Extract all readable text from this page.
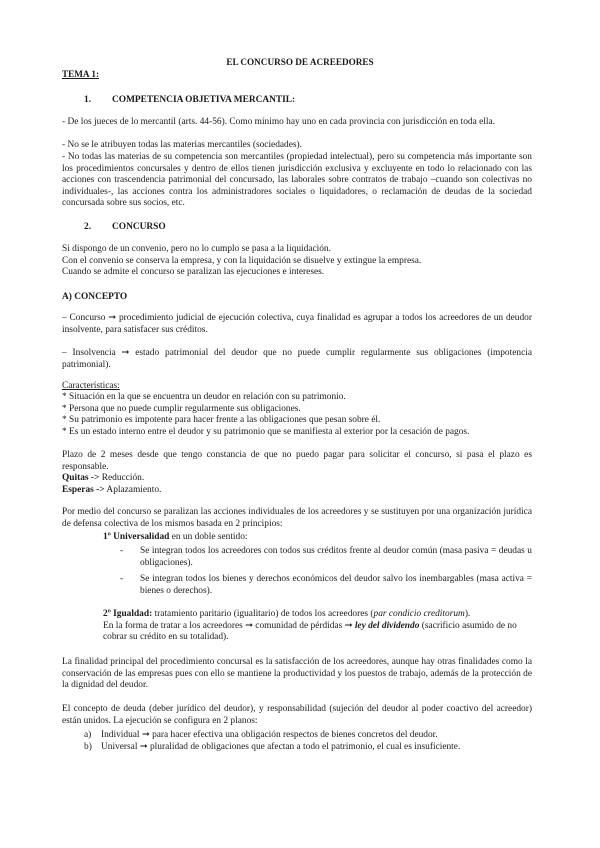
EL CONCURSO DE ACREEDORES
TEMA 1:
1. COMPETENCIA OBJETIVA MERCANTIL:
- De los jueces de lo mercantil (arts. 44-56). Como mínimo hay uno en cada provincia con jurisdicción en toda ella.
- No se le atribuyen todas las materias mercantiles (sociedades).
- No todas las materias de su competencia son mercantiles (propiedad intelectual), pero su competencia más importante son los procedimientos concursales y dentro de ellos tienen jurisdicción exclusiva y excluyente en todo lo relacionado con las acciones con trascendencia patrimonial del concursado, las laborales sobre contratos de trabajo –cuando son colectivas no individuales-, las acciones contra los administradores sociales o liquidadores, o reclamación de deudas de la sociedad concursada sobre sus socios, etc.
2. CONCURSO
Si dispongo de un convenio, pero no lo cumplo se pasa a la liquidación.
Con el convenio se conserva la empresa, y con la liquidación se disuelve y extingue la empresa.
Cuando se admite el concurso se paralizan las ejecuciones e intereses.
A) CONCEPTO
– Concurso ➞ procedimiento judicial de ejecución colectiva, cuya finalidad es agrupar a todos los acreedores de un deudor insolvente, para satisfacer sus créditos.
– Insolvencia ➞ estado patrimonial del deudor que no puede cumplir regularmente sus obligaciones (impotencia patrimonial).
Características:
* Situación en la que se encuentra un deudor en relación con su patrimonio.
* Persona que no puede cumplir regularmente sus obligaciones.
* Su patrimonio es impotente para hacer frente a las obligaciones que pesan sobre él.
* Es un estado interno entre el deudor y su patrimonio que se manifiesta al exterior por la cesación de pagos.
Plazo de 2 meses desde que tengo constancia de que no puedo pagar para solicitar el concurso, si pasa el plazo es responsable.
Quitas -> Reducción.
Esperas -> Aplazamiento.
Por medio del concurso se paralizan las acciones individuales de los acreedores y se sustituyen por una organización jurídica de defensa colectiva de los mismos basada en 2 principios:
1º Universalidad en un doble sentido:
- Se integran todos los acreedores con todos sus créditos frente al deudor común (masa pasiva = deudas u obligaciones).
- Se integran todos los bienes y derechos económicos del deudor salvo los inembargables (masa activa = bienes o derechos).
2º Igualdad: tratamiento paritario (igualitario) de todos los acreedores (par condicio creditorum).
En la forma de tratar a los acreedores ➞ comunidad de pérdidas ➞ ley del dividendo (sacrificio asumido de no cobrar su crédito en su totalidad).
La finalidad principal del procedimiento concursal es la satisfacción de los acreedores, aunque hay otras finalidades como la conservación de las empresas pues con ello se mantiene la productividad y los puestos de trabajo, además de la protección de la dignidad del deudor.
El concepto de deuda (deber jurídico del deudor), y responsabilidad (sujeción del deudor al poder coactivo del acreedor) están unidos. La ejecución se configura en 2 planos:
a) Individual ➞ para hacer efectiva una obligación respectos de bienes concretos del deudor.
b) Universal ➞ pluralidad de obligaciones que afectan a todo el patrimonio, el cual es insuficiente.
